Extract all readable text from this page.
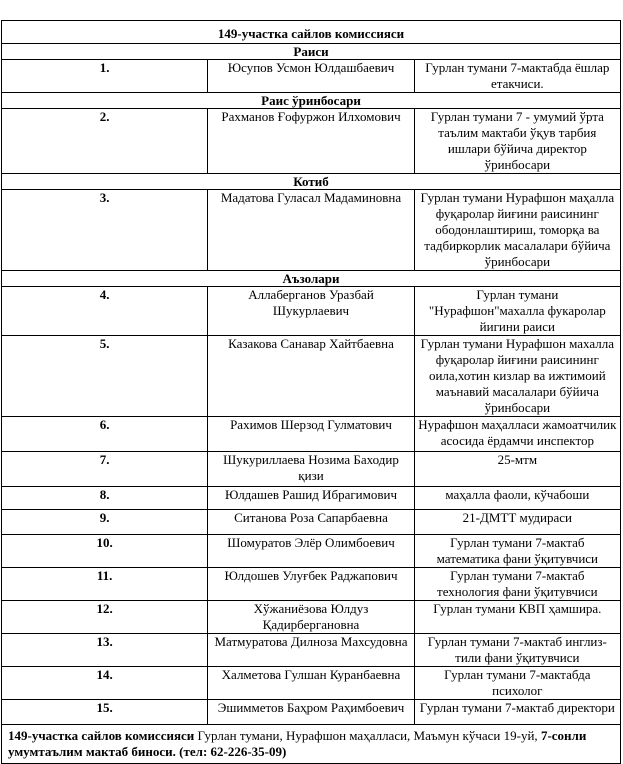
149-участка сайлов комиссияси		
Раиси		
1.	Юсупов Усмон Юлдашбаевич	Гурлан тумани 7-мактабда ёшлар етакчиси.
Раис ўринбосари		
2.	Рахманов Ғофуржон Илхомович	Гурлан тумани 7 - умумий ўрта таълим мактаби ўқув тарбия ишлари бўйича директор ўринбосари
Котиб		
3.	Мадатова Гуласал Мадаминовна	Гурлан тумани Нурафшон маҳалла фуқаролар йиғини раисининг ободонлаштириш, томорқа ва тадбиркорлик масалалари бўйича ўринбосари
Аъзолари		
4.	Аллаберганов Уразбай Шукурлаевич	Гурлан тумани "Нурафшон"махалла фукаролар йигини раиси
5.	Казакова Санавар Хайтбаевна	Гурлан тумани Нурафшон махалла фуқаролар йиғини раисининг оила,хотин кизлар ва ижтимоий маънавий масалалари бўйича ўринбосари
6.	Рахимов Шерзод Гулматович	Нурафшон маҳалласи жамоатчилик асосида ёрдамчи инспектор
7.	Шукуриллаева Нозима Баходир қизи	25-мтм
8.	Юлдашев Рашид Ибрагимович	маҳалла фаоли, кўчабоши
9.	Ситанова Роза Сапарбаевна	21-ДМТТ мудираси
10.	Шомуратов Элёр Олимбоевич	Гурлан тумани 7-мактаб математика фани ўқитувчиси
11.	Юлдошев Улуғбек Раджапович	Гурлан тумани 7-мактаб технология фани ўқитувчиси
12.	Хўжаниёзова Юлдуз Қадирбергановна	Гурлан тумани КВП ҳамшира.
13.	Матмуратова Дилноза Махсудовна	Гурлан тумани 7-мактаб инглиз-тили фани ўқитувчиси
14.	Халметова Гулшан Куранбаевна	Гурлан тумани 7-мактабда психолог
15.	Эшимметов Баҳром Раҳимбоевич	Гурлан тумани 7-мактаб директори
149-участка сайлов комиссияси Гурлан тумани, Нурафшон маҳалласи, Маъмун кўчаси 19-уй, 7-сонли умумтаълим мактаб биноси. (тел: 62-226-35-09)		
